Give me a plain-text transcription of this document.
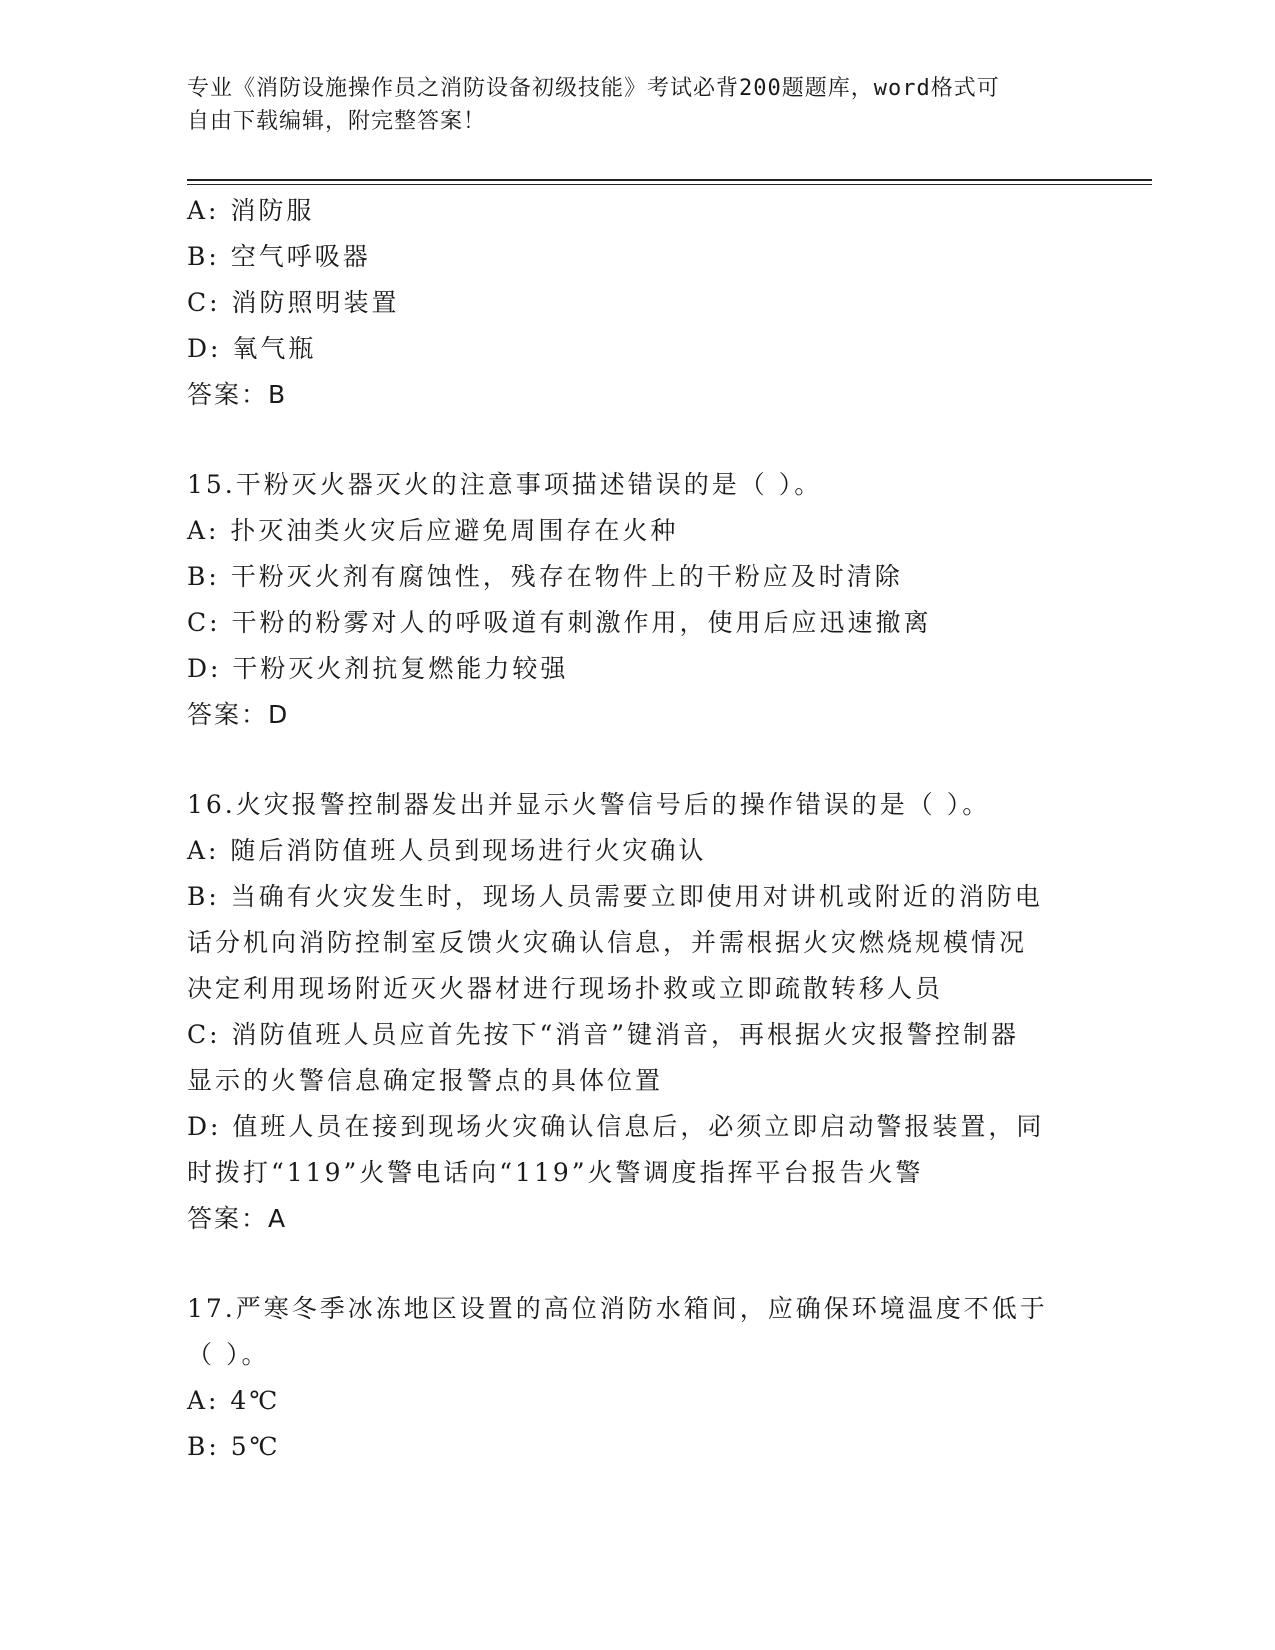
专业《消防设施操作员之消防设备初级技能》考试必背200题题库，word格式可
自由下载编辑，附完整答案！
A: 消防服
B: 空气呼吸器
C: 消防照明装置
D: 氧气瓶
答案：B
15.干粉灭火器灭火的注意事项描述错误的是（ ）。
A: 扑灭油类火灾后应避免周围存在火种
B: 干粉灭火剂有腐蚀性，残存在物件上的干粉应及时清除
C: 干粉的粉雾对人的呼吸道有刺激作用，使用后应迅速撤离
D: 干粉灭火剂抗复燃能力较强
答案：D
16.火灾报警控制器发出并显示火警信号后的操作错误的是（ ）。
A: 随后消防值班人员到现场进行火灾确认
B: 当确有火灾发生时，现场人员需要立即使用对讲机或附近的消防电
话分机向消防控制室反馈火灾确认信息，并需根据火灾燃烧规模情况
决定利用现场附近灭火器材进行现场扑救或立即疏散转移人员
C: 消防值班人员应首先按下“消音”键消音，再根据火灾报警控制器
显示的火警信息确定报警点的具体位置
D: 值班人员在接到现场火灾确认信息后，必须立即启动警报装置，同
时拨打“119”火警电话向“119”火警调度指挥平台报告火警
答案：A
17.严寒冬季冰冻地区设置的高位消防水箱间，应确保环境温度不低于
（ ）。
A: 4℃
B: 5℃
